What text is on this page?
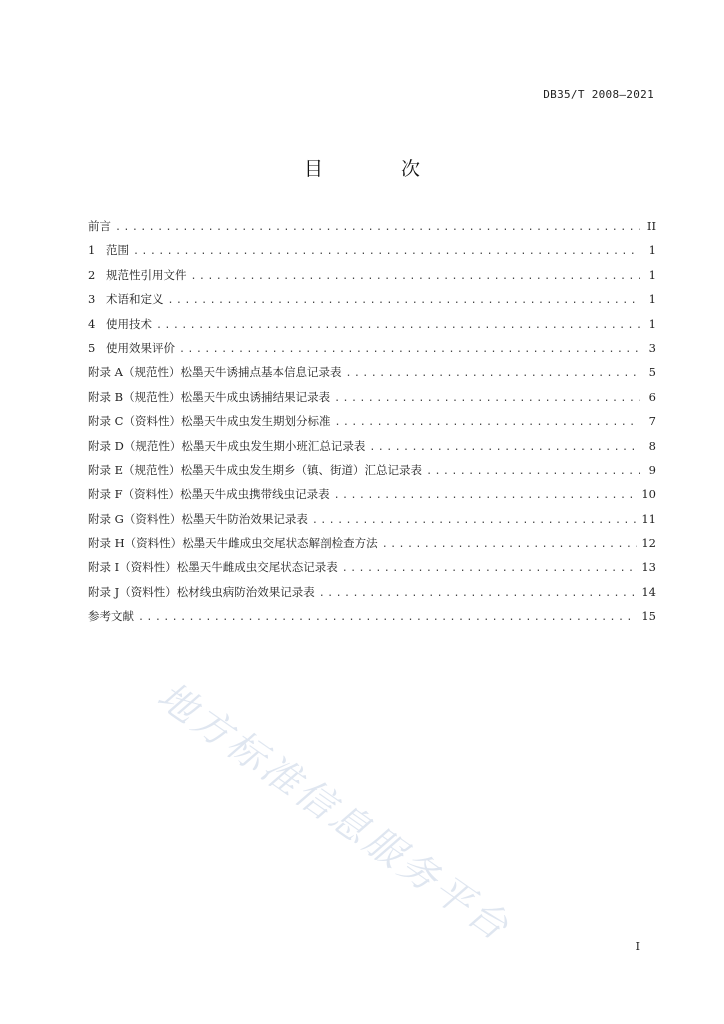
DB35/T 2008—2021
目 次
前言 .....	II
1 范围 .....	1
2 规范性引用文件 .....	1
3 术语和定义 .....	1
4 使用技术 .....	1
5 使用效果评价 .....	3
附录 A（规范性） 松墨天牛诱捕点基本信息记录表 .....	5
附录 B（规范性） 松墨天牛成虫诱捕结果记录表 .....	6
附录 C（资料性） 松墨天牛成虫发生期划分标准 .....	7
附录 D（规范性） 松墨天牛成虫发生期小班汇总记录表 .....	8
附录 E（规范性） 松墨天牛成虫发生期乡（镇、街道）汇总记录表 .....	9
附录 F（资料性） 松墨天牛成虫携带线虫记录表 .....	10
附录 G（资料性） 松墨天牛防治效果记录表 .....	11
附录 H（资料性） 松墨天牛雌成虫交尾状态解剖检查方法 .....	12
附录 I（资料性） 松墨天牛雌成虫交尾状态记录表 .....	13
附录 J（资料性） 松材线虫病防治效果记录表 .....	14
参考文献 .....	15
地方标准信息服务平台	I
